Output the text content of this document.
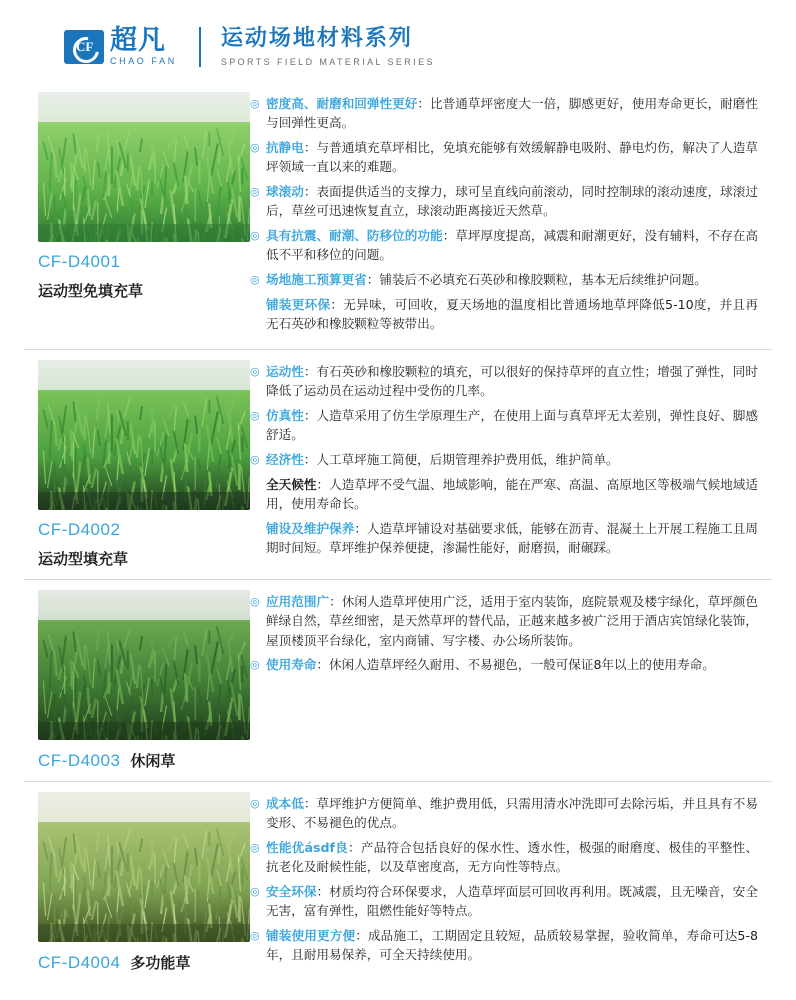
CF 超凡
CHAO FAN
运动场地材料系列
SPORTS FIELD MATERIAL SERIES
CF-D4001
运动型免填充草
◎ 密度高、耐磨和回弹性更好：比普通草坪密度大一倍，脚感更好，使用寿命更长，耐磨性与回弹性更高。

◎ 抗静电：与普通填充草坪相比，免填充能够有效缓解静电吸附、静电灼伤，解决了人造草坪领域一直以来的难题。

◎ 球滚动：表面提供适当的支撑力，球可呈直线向前滚动，同时控制球的滚动速度，球滚过后，草丝可迅速恢复直立，球滚动距离接近天然草。

◎ 具有抗震、耐潮、防移位的功能：草坪厚度提高，减震和耐潮更好，没有辅料，不存在高低不平和移位的问题。

◎ 场地施工预算更省：铺装后不必填充石英砂和橡胶颗粒，基本无后续维护问题。

铺装更环保：无异味，可回收，夏天场地的温度相比普通场地草坪降低5-10度，并且再无石英砂和橡胶颗粒等被带出。

CF-D4002
运动型填充草
◎ 运动性：有石英砂和橡胶颗粒的填充，可以很好的保持草坪的直立性；增强了弹性，同时降低了运动员在运动过程中受伤的几率。

◎ 仿真性：人造草采用了仿生学原理生产，在使用上面与真草坪无太差别，弹性良好、脚感舒适。

◎ 经济性：人工草坪施工简便，后期管理养护费用低，维护简单。

全天候性：人造草坪不受气温、地域影响，能在严寒、高温、高原地区等极端气候地域适用，使用寿命长。

铺设及维护保养：人造草坪铺设对基础要求低，能够在沥青、混凝土上开展工程施工且周期时间短。草坪维护保养便捷，渗漏性能好，耐磨损，耐碾踩。

CF-D4003 休闲草
◎ 应用范围广：休闲人造草坪使用广泛，适用于室内装饰，庭院景观及楼宇绿化，草坪颜色鲜绿自然，草丝细密，是天然草坪的替代品，正越来越多被广泛用于酒店宾馆绿化装饰，屋顶楼顶平台绿化，室内商铺、写字楼、办公场所装饰。

◎ 使用寿命：休闲人造草坪经久耐用、不易褪色，一般可保证8年以上的使用寿命。

CF-D4004 多功能草
◎ 成本低：草坪维护方便简单、维护费用低，只需用清水冲洗即可去除污垢，并且具有不易变形、不易褪色的优点。

◎ 性能优ásdf良：产品符合包括良好的保水性、透水性，极强的耐磨度、极佳的平整性、抗老化及耐候性能，以及草密度高，无方向性等特点。

◎ 安全环保：材质均符合环保要求，人造草坪面层可回收再利用。既减震，且无噪音，安全无害，富有弹性，阻燃性能好等特点。

◎ 铺装使用更方便：成品施工，工期固定且较短，品质较易掌握，验收简单，寿命可达5-8年，且耐用易保养，可全天持续使用。
